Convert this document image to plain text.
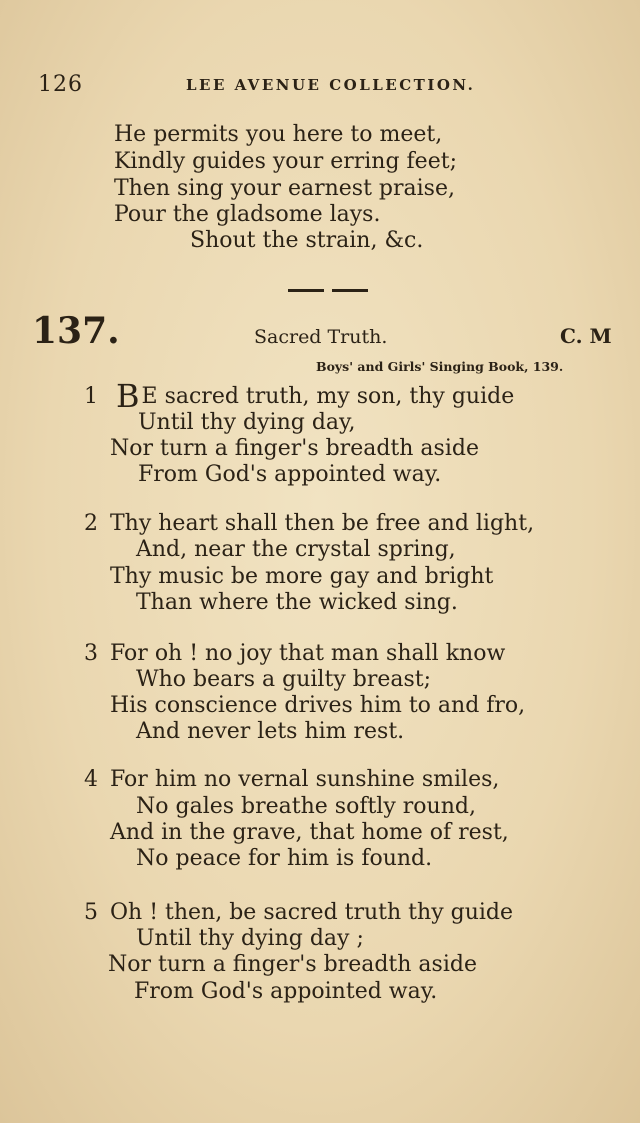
126	LEE AVENUE COLLECTION.
He permits you here to meet,
Kindly guides your erring feet;
Then sing your earnest praise,
Pour the gladsome lays.
Shout the strain, &c.
137.	Sacred Truth.	C. M
Boys' and Girls' Singing Book, 139.
1 BE sacred truth, my son, thy guide
Until thy dying day,
Nor turn a finger's breadth aside
From God's appointed way.
2 Thy heart shall then be free and light,
And, near the crystal spring,
Thy music be more gay and bright
Than where the wicked sing.
3 For oh ! no joy that man shall know
Who bears a guilty breast;
His conscience drives him to and fro,
And never lets him rest.
4 For him no vernal sunshine smiles,
No gales breathe softly round,
And in the grave, that home of rest,
No peace for him is found.
5 Oh ! then, be sacred truth thy guide
Until thy dying day ;
Nor turn a finger's breadth aside
From God's appointed way.
